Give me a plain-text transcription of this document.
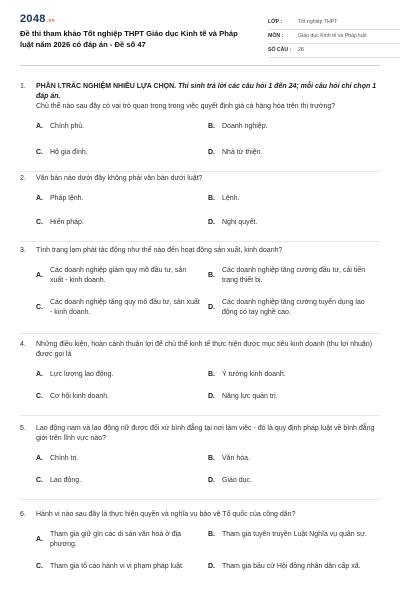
2048.vn
Đề thi tham khảo Tốt nghiệp THPT Giáo dục Kinh tế và Pháp luật năm 2026 có đáp án - Đề số 47
LỚP :	Tốt nghiệp THPT
MÔN :	Giáo dục Kinh tế và Pháp luật
SỐ CÂU :	28
1.	PHẦN I.TRẮC NGHIỆM NHIỀU LỰA CHỌN. Thí sinh trả lời các câu hỏi 1 đến 24; mỗi câu hỏi chỉ chọn 1 đáp án.
Chủ thể nào sau đây có vai trò quan trọng trong việc quyết định giá cả hàng hóa trên thị trường?
A.	Chính phủ.	B.	Doanh nghiệp.
C.	Hộ gia đình.	D.	Nhà từ thiện.
2.	Văn bản nào dưới đây không phải văn bản dưới luật?
A.	Pháp lệnh.	B.	Lệnh.
C.	Hiến pháp.	D.	Nghị quyết.
3.	Tình trạng lạm phát tác động như thế nào đến hoạt động sản xuất, kinh doanh?
A.
Các doanh nghiệp giảm quy mô đầu tư, sản xuất - kinh doanh.
B.
Các doanh nghiệp tăng cường đầu tư, cải tiến trang thiết bị.
C.
Các doanh nghiệp tăng quy mô đầu tư, sản xuất - kinh doanh.
D.
Các doanh nghiệp tăng cường tuyển dụng lao động có tay nghề cao.
4.	Những điều kiện, hoàn cảnh thuận lợi để chủ thể kinh tế thực hiện được mục tiêu kinh doanh (thu lợi nhuận) được gọi là
A.	Lực lượng lao động.	B.	Ý tưởng kinh doanh.
C.	Cơ hội kinh doanh.	D.	Năng lực quản trị.
5.	Lao động nam và lao động nữ được đối xử bình đẳng tại nơi làm việc - đó là quy định pháp luật về bình đẳng giới trên lĩnh vực nào?
A.	Chính trị.	B.	Văn hóa.
C.	Lao động.	D.	Giáo dục.
6.	Hành vi nào sau đây là thực hiện quyền và nghĩa vụ bảo vệ Tổ quốc của công dân?
A.
Tham gia giữ gìn các di sản văn hoá ở địa phương.
B.	Tham gia tuyên truyền Luật Nghĩa vụ quân sự.
C.	Tham gia tố cáo hành vi vi phạm pháp luật.	D.	Tham gia bầu cử Hội đồng nhân dân cấp xã.
